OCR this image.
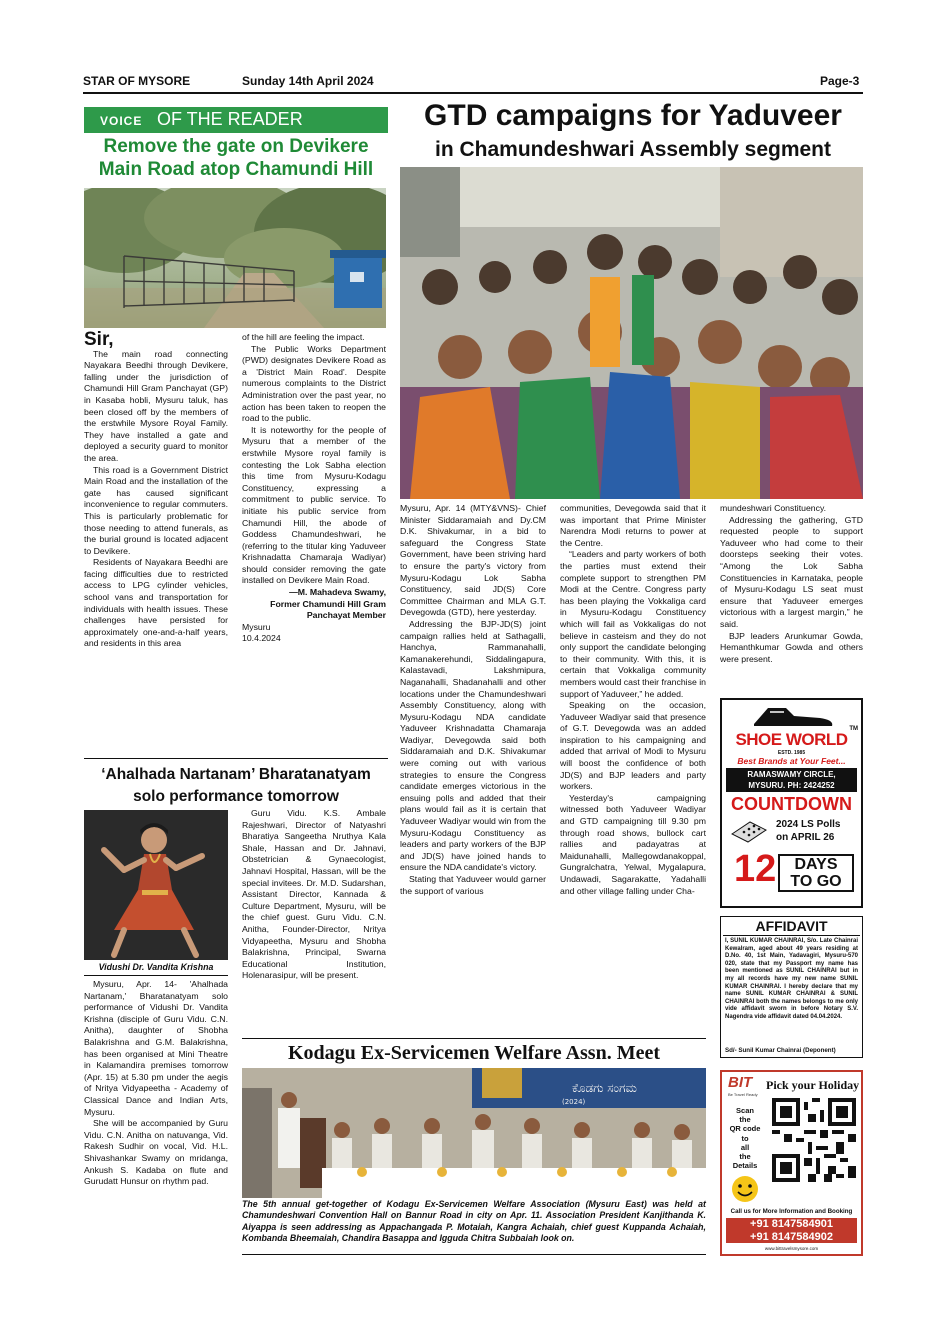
STAR OF MYSORE	Sunday 14th April 2024	Page-3
VOICE OF THE READER
Remove the gate on Devikere
Main Road atop Chamundi Hill

Sir,

The main road connecting Nayakara Beedhi through Devikere, falling under the jurisdiction of Chamundi Hill Gram Panchayat (GP) in Kasaba hobli, Mysuru taluk, has been closed off by the members of the erstwhile Mysore Royal Family. They have installed a gate and deployed a security guard to monitor the area.

This road is a Government District Main Road and the installation of the gate has caused significant inconvenience to regular commuters. This is particularly problematic for those needing to attend funerals, as the burial ground is located adjacent to Devikere.

Residents of Nayakara Beedhi are facing difficulties due to restricted access to LPG cylinder vehicles, school vans and transportation for individuals with health issues. These challenges have persisted for approximately one-and-a-half years, and residents in this area

of the hill are feeling the impact.

The Public Works Department (PWD) designates Devikere Road as a 'District Main Road'. Despite numerous complaints to the District Administration over the past year, no action has been taken to reopen the road to the public.

It is noteworthy for the people of Mysuru that a member of the erstwhile Mysore royal family is contesting the Lok Sabha election this time from Mysuru-Kodagu Constituency, expressing a commitment to public service. To initiate his public service from Chamundi Hill, the abode of Goddess Chamundeshwari, he (referring to the titular king Yaduveer Krishnadatta Chamaraja Wadiyar) should consider removing the gate installed on Devikere Main Road.

—M. Mahadeva Swamy,

Former Chamundi Hill Gram

Panchayat Member

Mysuru

10.4.2024

‘Ahalhada Nartanam’ Bharatanatyam
solo performance tomorrow
Vidushi Dr. Vandita Krishna

Mysuru, Apr. 14- 'Ahalhada Nartanam,' Bharatanatyam solo performance of Vidushi Dr. Vandita Krishna (disciple of Guru Vidu. C.N. Anitha), daughter of Shobha Balakrishna and G.M. Balakrishna, has been organised at Mini Theatre in Kalamandira premises tomorrow (Apr. 15) at 5.30 pm under the aegis of Nritya Vidyapeetha - Academy of Classical Dance and Indian Arts, Mysuru.

She will be accompanied by Guru Vidu. C.N. Anitha on natuvanga, Vid. Rakesh Sudhir on vocal, Vid. H.L. Shivashankar Swamy on mridanga, Ankush S. Kadaba on flute and Gurudatt Hunsur on rhythm pad.

Guru Vidu. K.S. Ambale Rajeshwari, Director of Natyashri Bharatiya Sangeetha Nruthya Kala Shale, Hassan and Dr. Jahnavi, Obstetrician & Gynaecologist, Jahnavi Hospital, Hassan, will be the special invitees. Dr. M.D. Sudarshan, Assistant Director, Kannada & Culture Department, Mysuru, will be the chief guest. Guru Vidu. C.N. Anitha, Founder-Director, Nritya Vidyapeetha, Mysuru and Shobha Balakrishna, Principal, Swarna Educational Institution, Holenarasipur, will be present.

GTD campaigns for Yaduveer
in Chamundeshwari Assembly segment

Mysuru, Apr. 14 (MTY&VNS)- Chief Minister Siddaramaiah and Dy.CM D.K. Shivakumar, in a bid to safeguard the Congress State Government, have been striving hard to ensure the party's victory from Mysuru-Kodagu Lok Sabha Constituency, said JD(S) Core Committee Chairman and MLA G.T. Devegowda (GTD), here yesterday.

Addressing the BJP-JD(S) joint campaign rallies held at Sathagalli, Hanchya, Rammanahalli, Kamanakerehundi, Siddalingapura, Kalastavadi, Lakshmipura, Naganahalli, Shadanahalli and other locations under the Chamundeshwari Assembly Constituency, along with Mysuru-Kodagu NDA candidate Yaduveer Krishnadatta Chamaraja Wadiyar, Devegowda said both Siddaramaiah and D.K. Shivakumar were coming out with various strategies to ensure the Congress candidate emerges victorious in the ensuing polls and added that their plans would fail as it is certain that Yaduveer Wadiyar would win from the Mysuru-Kodagu Constituency as leaders and party workers of the BJP and JD(S) have joined hands to ensure the NDA candidate's victory.

Stating that Yaduveer would garner the support of various

communities, Devegowda said that it was important that Prime Minister Narendra Modi returns to power at the Centre.

“Leaders and party workers of both the parties must extend their complete support to strengthen PM Modi at the Centre. Congress party has been playing the Vokkaliga card in Mysuru-Kodagu Constituency which will fail as Vokkaligas do not believe in casteism and they do not only support the candidate belonging to their community. With this, it is certain that Vokkaliga community members would cast their franchise in support of Yaduveer,” he added.

Speaking on the occasion, Yaduveer Wadiyar said that presence of G.T. Devegowda was an added inspiration to his campaigning and added that arrival of Modi to Mysuru will boost the confidence of both JD(S) and BJP leaders and party workers.

Yesterday's campaigning witnessed both Yaduveer Wadiyar and GTD campaigning till 9.30 pm through road shows, bullock cart rallies and padayatras at Maidunahalli, Mallegowdanakoppal, Gungralchatra, Yelwal, Mygalapura, Undawadi, Sagarakatte, Yadahalli and other village falling under Cha-

mundeshwari Constituency.

Addressing the gathering, GTD requested people to support Yaduveer who had come to their doorsteps seeking their votes. “Among the Lok Sabha Constituencies in Karnataka, people of Mysuru-Kodagu LS seat must ensure that Yaduveer emerges victorious with a largest margin,” he said.

BJP leaders Arunkumar Gowda, Hemanthkumar Gowda and others were present.

TM
SHOE WORLD
ESTD. 1985
Best Brands at Your Feet...
RAMASWAMY CIRCLE,
MYSURU. PH: 2424252
COUNTDOWN
2024 LS Polls
on APRIL 26
12	DAYS
TO GO
AFFIDAVIT
I, SUNIL KUMAR CHAINRAI, S/o. Late Chainrai Kewalram, aged about 49 years residing at D.No. 40, 1st Main, Yadavagiri, Mysuru-570 020, state that my Passport my name has been mentioned as SUNIL CHAINRAI but in my all records have my new name SUNIL KUMAR CHAINRAI. I hereby declare that my name SUNIL KUMAR CHAINRAI & SUNIL CHAINRAI both the names belongs to me only vide affidavit sworn in before Notary S.V. Nagendra vide affidavit dated 04.04.2024.
Sd/- Sunil Kumar Chainrai (Deponent)
BIT
Be Travel Ready
Pick your Holiday
Scan
the
QR code
to
all
the
Details
Call us for More Information and Booking
+91 8147584901
+91 8147584902
www.bittravelsmysore.com
Kodagu Ex-Servicemen Welfare Assn. Meet
ಕೊಡಗು ಸಂಗಮ
(2024)
The 5th annual get-together of Kodagu Ex-Servicemen Welfare Association (Mysuru East) was held at Chamundeshwari Convention Hall on Bannur Road in city on Apr. 11. Association President Kanjithanda K. Aiyappa is seen addressing as Appachangada P. Motaiah, Kangra Achaiah, chief guest Kuppanda Achaiah, Kombanda Bheemaiah, Chandira Basappa and Igguda Chitra Subbaiah look on.
